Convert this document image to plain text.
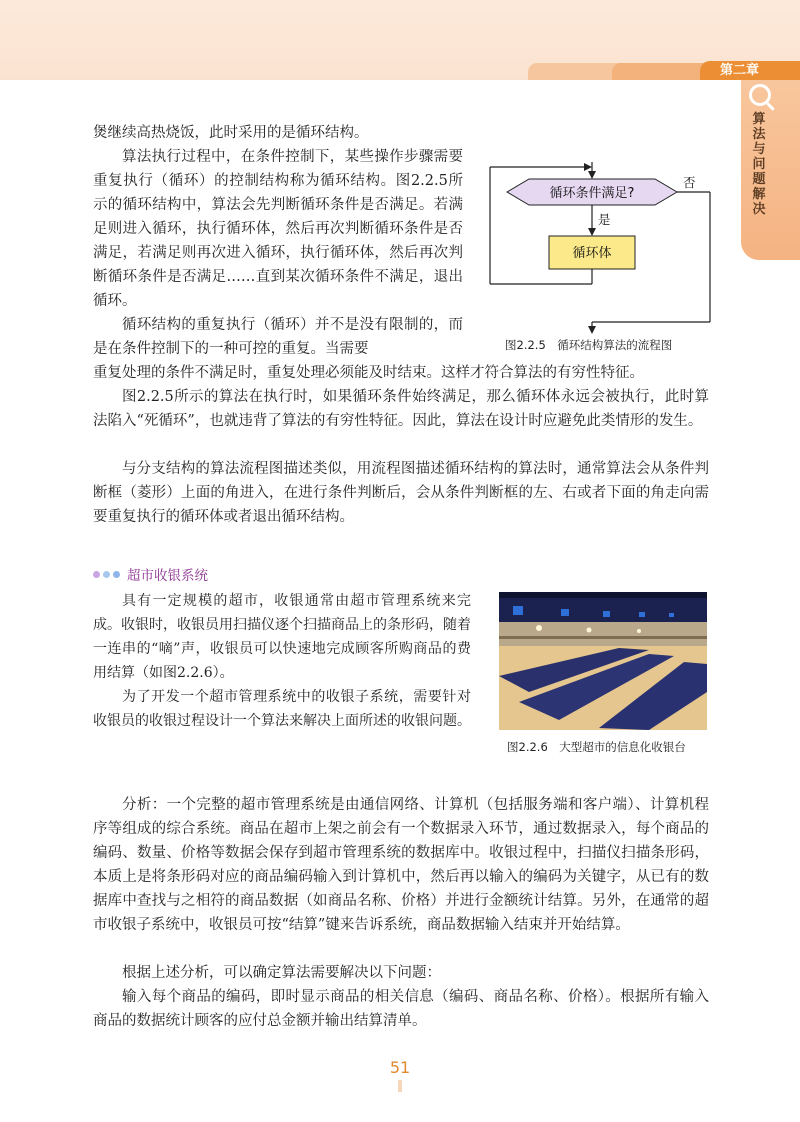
第二章
算法与问题解决

煲继续高热烧饭，此时采用的是循环结构。

算法执行过程中，在条件控制下，某些操作步骤需要重复执行（循环）的控制结构称为循环结构。图2.2.5所示的循环结构中，算法会先判断循环条件是否满足。若满足则进入循环，执行循环体，然后再次判断循环条件是否满足，若满足则再次进入循环，执行循环体，然后再次判断循环条件是否满足……直到某次循环条件不满足，退出循环。

循环结构的重复执行（循环）并不是没有限制的，而是在条件控制下的一种可控的重复。当需要

重复处理的条件不满足时，重复处理必须能及时结束。这样才符合算法的有穷性特征。

图2.2.5所示的算法在执行时，如果循环条件始终满足，那么循环体永远会被执行，此时算法陷入“死循环”，也就违背了算法的有穷性特征。因此，算法在设计时应避免此类情形的发生。

与分支结构的算法流程图描述类似，用流程图描述循环结构的算法时，通常算法会从条件判断框（菱形）上面的角进入，在进行条件判断后，会从条件判断框的左、右或者下面的角走向需要重复执行的循环体或者退出循环结构。

循环条件满足?
否
是
循环体
图2.2.5　循环结构算法的流程图
超市收银系统

具有一定规模的超市，收银通常由超市管理系统来完成。收银时，收银员用扫描仪逐个扫描商品上的条形码，随着一连串的“嘀”声，收银员可以快速地完成顾客所购商品的费用结算（如图2.2.6）。

为了开发一个超市管理系统中的收银子系统，需要针对收银员的收银过程设计一个算法来解决上面所述的收银问题。

图2.2.6　大型超市的信息化收银台

分析：一个完整的超市管理系统是由通信网络、计算机（包括服务端和客户端）、计算机程序等组成的综合系统。商品在超市上架之前会有一个数据录入环节，通过数据录入，每个商品的编码、数量、价格等数据会保存到超市管理系统的数据库中。收银过程中，扫描仪扫描条形码，本质上是将条形码对应的商品编码输入到计算机中，然后再以输入的编码为关键字，从已有的数据库中查找与之相符的商品数据（如商品名称、价格）并进行金额统计结算。另外，在通常的超市收银子系统中，收银员可按“结算”键来告诉系统，商品数据输入结束并开始结算。

根据上述分析，可以确定算法需要解决以下问题：

输入每个商品的编码，即时显示商品的相关信息（编码、商品名称、价格）。根据所有输入商品的数据统计顾客的应付总金额并输出结算清单。

51
